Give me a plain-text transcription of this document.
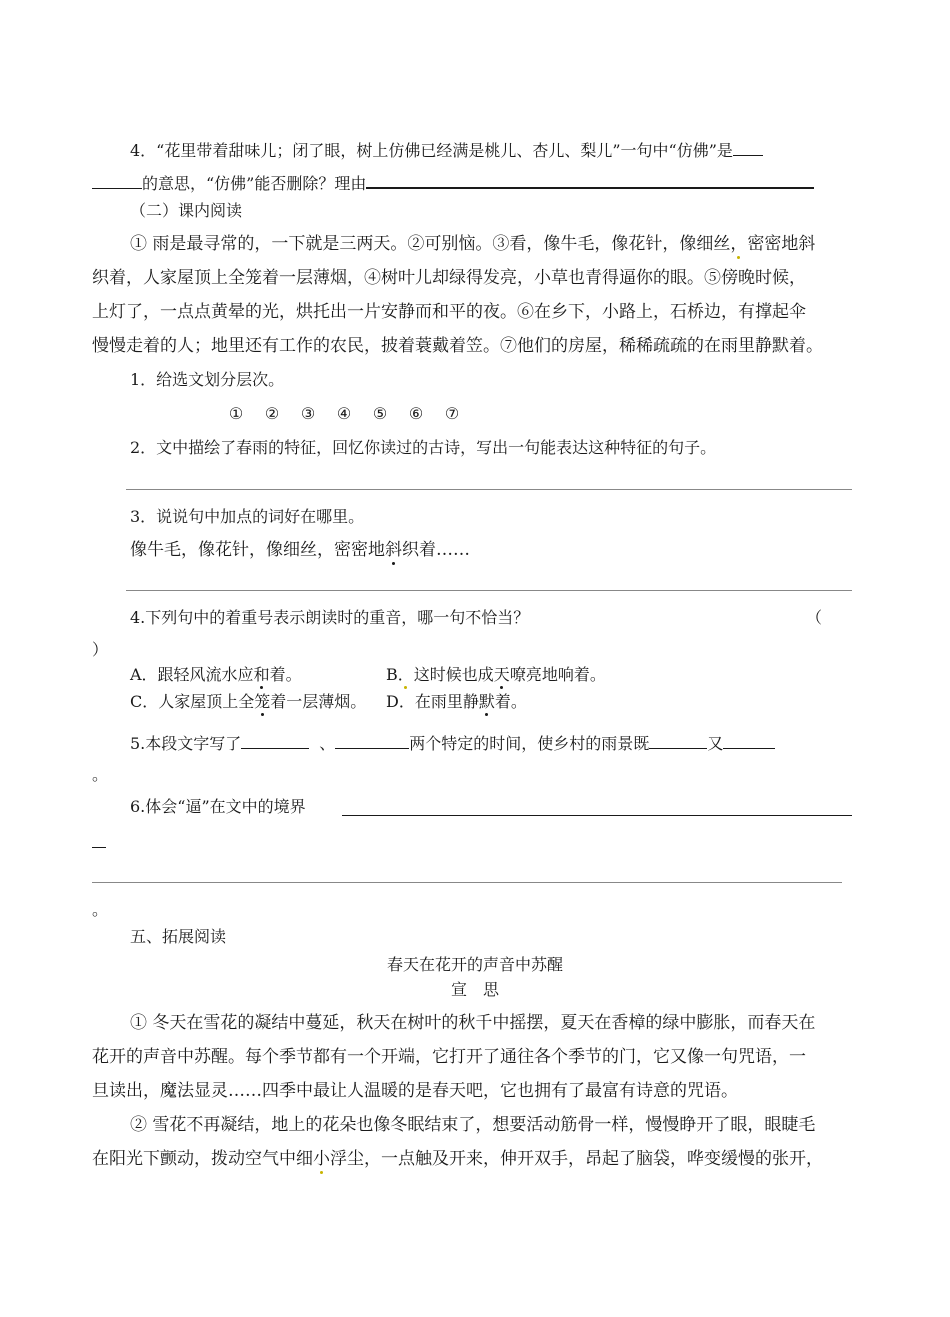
4．“花里带着甜味儿；闭了眼，树上仿佛已经满是桃儿、杏儿、梨儿”一句中“仿佛”是
的意思，“仿佛”能否删除？理由
（二）课内阅读
① 雨是最寻常的，一下就是三两天。②可别恼。③看，像牛毛，像花针，像细丝，密密地斜
织着，人家屋顶上全笼着一层薄烟，④树叶儿却绿得发亮，小草也青得逼你的眼。⑤傍晚时候，
上灯了，一点点黄晕的光，烘托出一片安静而和平的夜。⑥在乡下，小路上，石桥边，有撑起伞
慢慢走着的人；地里还有工作的农民，披着蓑戴着笠。⑦他们的房屋，稀稀疏疏的在雨里静默着。
1．给选文划分层次。
① ② ③ ④ ⑤ ⑥ ⑦
2．文中描绘了春雨的特征，回忆你读过的古诗，写出一句能表达这种特征的句子。
3．说说句中加点的词好在哪里。
像牛毛，像花针，像细丝，密密地斜织着……
4.下列句中的着重号表示朗读时的重音，哪一句不恰当？	（
）
A．跟轻风流水应和着。	B．这时候也成天嘹亮地响着。
C．人家屋顶上全笼着一层薄烟。 D．在雨里静默着。
5.本段文字写了	、	两个特定的时间，使乡村的雨景既	又
。
6.体会“逼”在文中的境界
。
五、拓展阅读
春天在花开的声音中苏醒
宣　思
① 冬天在雪花的凝结中蔓延，秋天在树叶的秋千中摇摆，夏天在香樟的绿中膨胀，而春天在
花开的声音中苏醒。每个季节都有一个开端，它打开了通往各个季节的门，它又像一句咒语，一
旦读出，魔法显灵……四季中最让人温暖的是春天吧，它也拥有了最富有诗意的咒语。
② 雪花不再凝结，地上的花朵也像冬眠结束了，想要活动筋骨一样，慢慢睁开了眼，眼睫毛
在阳光下颤动，拨动空气中细小浮尘，一点触及开来，伸开双手，昂起了脑袋，哗变缓慢的张开，
